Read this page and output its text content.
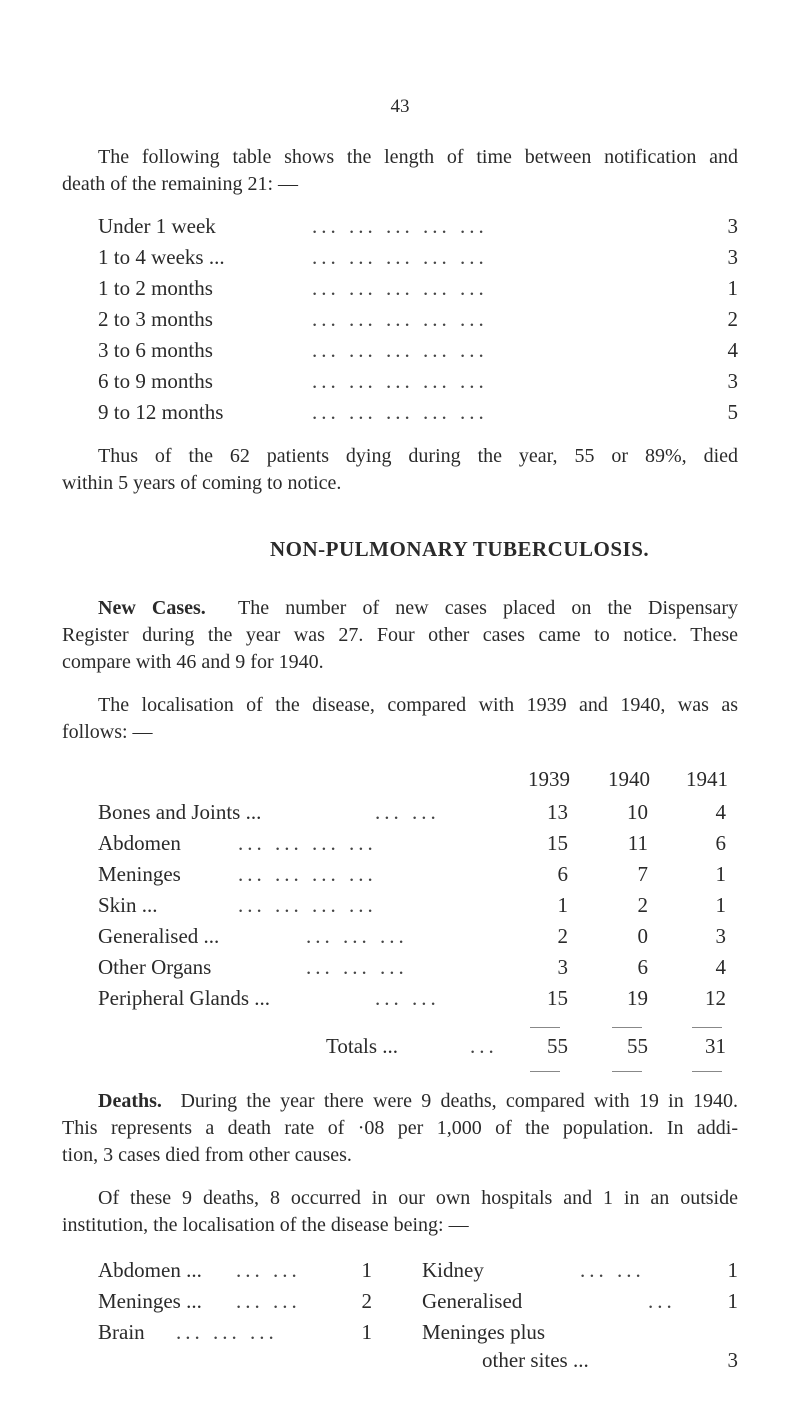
43
The following table shows the length of time between notification and
death of the remaining 21: —
Under 1 week	... ... ... ... ...	3
1 to 4 weeks ...	... ... ... ... ...	3
1 to 2 months	... ... ... ... ...	1
2 to 3 months	... ... ... ... ...	2
3 to 6 months	... ... ... ... ...	4
6 to 9 months	... ... ... ... ...	3
9 to 12 months	... ... ... ... ...	5
Thus of the 62 patients dying during the year, 55 or 89%, died
within 5 years of coming to notice.
NON-PULMONARY TUBERCULOSIS.
New Cases. The number of new cases placed on the Dispensary
Register during the year was 27. Four other cases came to notice. These
compare with 46 and 9 for 1940.
The localisation of the disease, compared with 1939 and 1940, was as
follows: —
1939 1940 1941
Bones and Joints ...	... ...	13	10	4
Abdomen	... ... ... ...	15	11	6
Meninges	... ... ... ...	6	7	1
Skin ...	... ... ... ...	1	2	1
Generalised ...	... ... ...	2	0	3
Other Organs	... ... ...	3	6	4
Peripheral Glands ...	... ...	15	19	12
Totals ...	...	55	55	31
Deaths. During the year there were 9 deaths, compared with 19 in 1940.
This represents a death rate of ·08 per 1,000 of the population. In addi-
tion, 3 cases died from other causes.
Of these 9 deaths, 8 occurred in our own hospitals and 1 in an outside
institution, the localisation of the disease being: —
Abdomen ... ... ...	1
Meninges ... ... ...	2
Brain ... ... ...	1
Kidney	... ...	1
Generalised	...	1
Meninges plus
other sites ...	3
